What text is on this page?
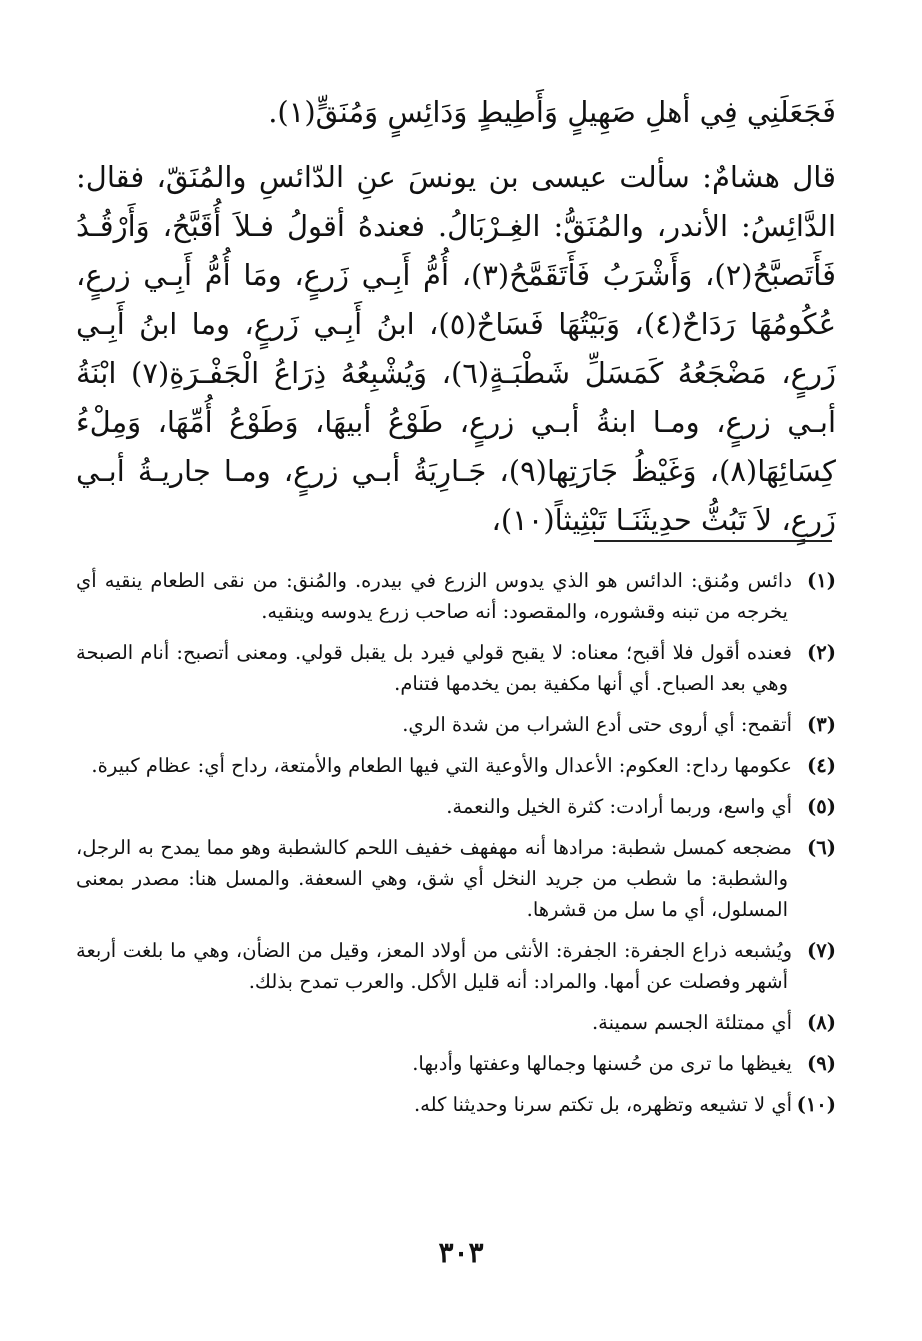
فَجَعَلَنِي فِي أهلِ صَهِيلٍ وَأَطِيطٍ وَدَائِسٍ وَمُنَقٍّ(١).

قال هشامٌ: سألت عيسى بن يونسَ عنِ الدّائسِ والمُنَقّ، فقال: الدَّائِسُ: الأندر، والمُنَقُّ: الغِـرْبَالُ. فعندهُ أقولُ فـلاَ أُقَبَّحُ، وَأَرْقُـدُ فَأَتَصبَّحُ(٢)، وَأَشْرَبُ فَأَتَقَمَّحُ(٣)، أُمُّ أَبِـي زَرعٍ، ومَا أُمُّ أَبِـي زرعٍ، عُكُومُهَا رَدَاحٌ(٤)، وَبَيْتُهَا فَسَاحٌ(٥)، ابنُ أَبِـي زَرعٍ، وما ابنُ أَبِـي زَرعٍ، مَضْجَعُهُ كَمَسَلِّ شَطْبَـةٍ(٦)، وَيُشْبِعُهُ ذِرَاعُ الْجَفْـرَةِ(٧) ابْنَةُ أبـي زرعٍ، ومـا ابنةُ أبـي زرعٍ، طَوْعُ أبيهَا، وَطَوْعُ أُمِّهَا، وَمِلْءُ كِسَائِهَا(٨)، وَغَيْظُ جَارَتِها(٩)، جَـارِيَةُ أبـي زرعٍ، ومـا جاريـةُ أبـي زَرعٍ، لاَ تَبُثُّ حدِيثَنَـا تَبْثِيثاً(١٠)،

(١)دائس ومُنق: الدائس هو الذي يدوس الزرع في بيدره. والمُنق: من نقى الطعام ينقيه أي يخرجه من تبنه وقشوره، والمقصود: أنه صاحب زرع يدوسه وينقيه.

(٢)فعنده أقول فلا أقبح؛ معناه: لا يقبح قولي فيرد بل يقبل قولي. ومعنى أتصبح: أنام الصبحة وهي بعد الصباح. أي أنها مكفية بمن يخدمها فتنام.

(٣)أتقمح: أي أروى حتى أدع الشراب من شدة الري.

(٤)عكومها رداح: العكوم: الأعدال والأوعية التي فيها الطعام والأمتعة، رداح أي: عظام كبيرة.

(٥)أي واسع، وربما أرادت: كثرة الخيل والنعمة.

(٦)مضجعه كمسل شطبة: مرادها أنه مهفهف خفيف اللحم كالشطبة وهو مما يمدح به الرجل، والشطبة: ما شطب من جريد النخل أي شق، وهي السعفة. والمسل هنا: مصدر بمعنى المسلول، أي ما سل من قشرها.

(٧)ويُشبعه ذراع الجفرة: الجفرة: الأنثى من أولاد المعز، وقيل من الضأن، وهي ما بلغت أربعة أشهر وفصلت عن أمها. والمراد: أنه قليل الأكل. والعرب تمدح بذلك.

(٨)أي ممتلئة الجسم سمينة.

(٩)يغيظها ما ترى من حُسنها وجمالها وعفتها وأدبها.

(١٠)أي لا تشيعه وتظهره، بل تكتم سرنا وحديثنا كله.

٣٠٣
